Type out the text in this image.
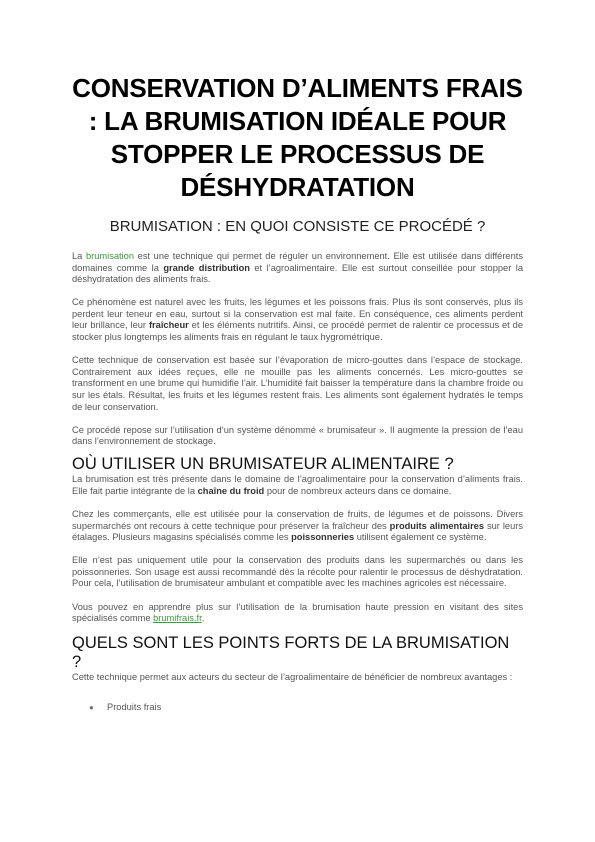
CONSERVATION D’ALIMENTS FRAIS : LA BRUMISATION IDÉALE POUR STOPPER LE PROCESSUS DE DÉSHYDRATATION
BRUMISATION : EN QUOI CONSISTE CE PROCÉDÉ ?

La brumisation est une technique qui permet de réguler un environnement. Elle est utilisée dans différents domaines comme la grande distribution et l’agroalimentaire. Elle est surtout conseillée pour stopper la déshydratation des aliments frais.

Ce phénomène est naturel avec les fruits, les légumes et les poissons frais. Plus ils sont conservés, plus ils perdent leur teneur en eau, surtout si la conservation est mal faite. En conséquence, ces aliments perdent leur brillance, leur fraîcheur et les éléments nutritifs. Ainsi, ce procédé permet de ralentir ce processus et de stocker plus longtemps les aliments frais en régulant le taux hygrométrique.

Cette technique de conservation est basée sur l’évaporation de micro-gouttes dans l’espace de stockage. Contrairement aux idées reçues, elle ne mouille pas les aliments concernés. Les micro-gouttes se transforment en une brume qui humidifie l’air. L’humidité fait baisser la température dans la chambre froide ou sur les étals. Résultat, les fruits et les légumes restent frais. Les aliments sont également hydratés le temps de leur conservation.

Ce procédé repose sur l’utilisation d’un système dénommé « brumisateur ». Il augmente la pression de l’eau dans l’environnement de stockage.

OÙ UTILISER UN BRUMISATEUR ALIMENTAIRE ?

La brumisation est très présente dans le domaine de l’agroalimentaire pour la conservation d’aliments frais. Elle fait partie intégrante de la chaîne du froid pour de nombreux acteurs dans ce domaine.

Chez les commerçants, elle est utilisée pour la conservation de fruits, de légumes et de poissons. Divers supermarchés ont recours à cette technique pour préserver la fraîcheur des produits alimentaires sur leurs étalages. Plusieurs magasins spécialisés comme les poissonneries utilisent également ce système.

Elle n’est pas uniquement utile pour la conservation des produits dans les supermarchés ou dans les poissonneries. Son usage est aussi recommandé dès la récolte pour ralentir le processus de déshydratation. Pour cela, l’utilisation de brumisateur ambulant et compatible avec les machines agricoles est nécessaire.

Vous pouvez en apprendre plus sur l’utilisation de la brumisation haute pression en visitant des sites spécialisés comme brumifrais.fr.

QUELS SONT LES POINTS FORTS DE LA BRUMISATION ?

Cette technique permet aux acteurs du secteur de l’agroalimentaire de bénéficier de nombreux avantages :

● Produits frais
